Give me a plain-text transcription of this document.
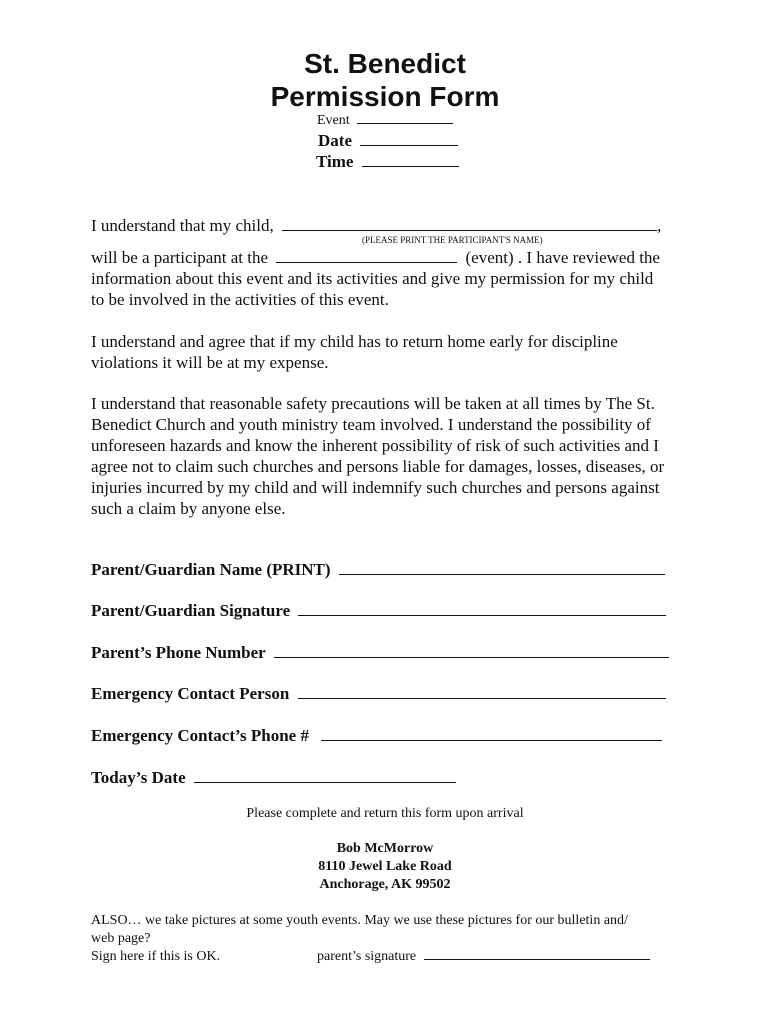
St. Benedict
Permission Form
Event
Date
Time
I understand that my child,	,
(PLEASE PRINT THE PARTICIPANT'S NAME)
will be a participant at the	(event) . I have reviewed the
information about this event and its activities and give my permission for my child
to be involved in the activities of this event.
I understand and agree that if my child has to return home early for discipline violations it will be at my expense.
I understand that reasonable safety precautions will be taken at all times by The St. Benedict Church and youth ministry team involved. I understand the possibility of unforeseen hazards and know the inherent possibility of risk of such activities and I agree not to claim such churches and persons liable for damages, losses, diseases, or injuries incurred by my child and will indemnify such churches and persons against such a claim by anyone else.
Parent/Guardian Name (PRINT)
Parent/Guardian Signature
Parent’s Phone Number
Emergency Contact Person
Emergency Contact’s Phone #
Today’s Date
Please complete and return this form upon arrival
Bob McMorrow
8110 Jewel Lake Road
Anchorage, AK 99502
ALSO… we take pictures at some youth events. May we use these pictures for our bulletin and/
web page?
Sign here if this is OK.	parent’s signature
